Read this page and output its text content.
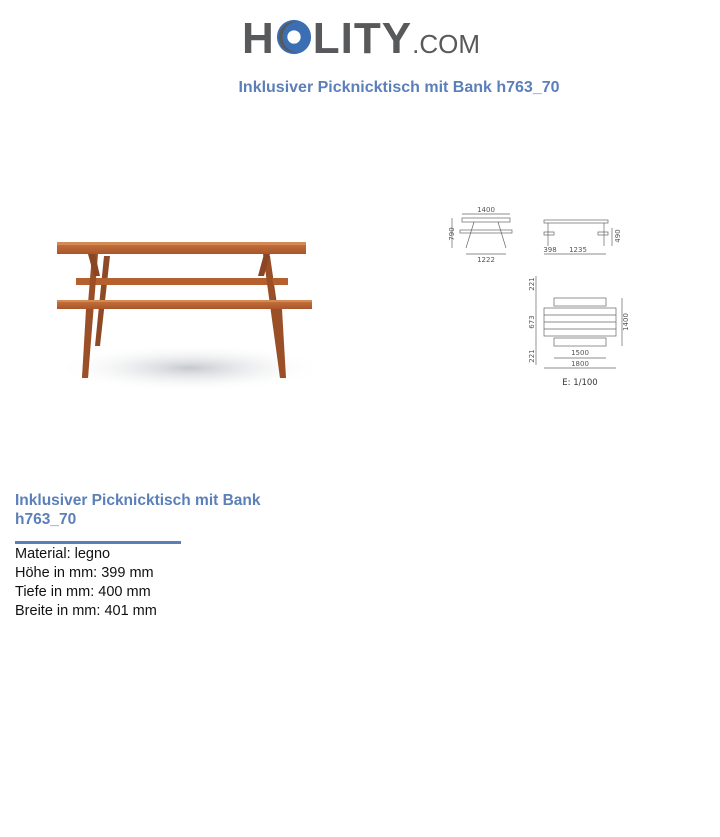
H LITY.COM
Inklusiver Picknicktisch mit Bank h763_70
1400
790
1222
398 1235
490
221
673
221
1400
1500
1800
E: 1/100
Inklusiver Picknicktisch mit Bank h763_70
Material : legno
Höhe in mm : 399 mm
Tiefe in mm : 400 mm
Breite in mm : 401 mm
